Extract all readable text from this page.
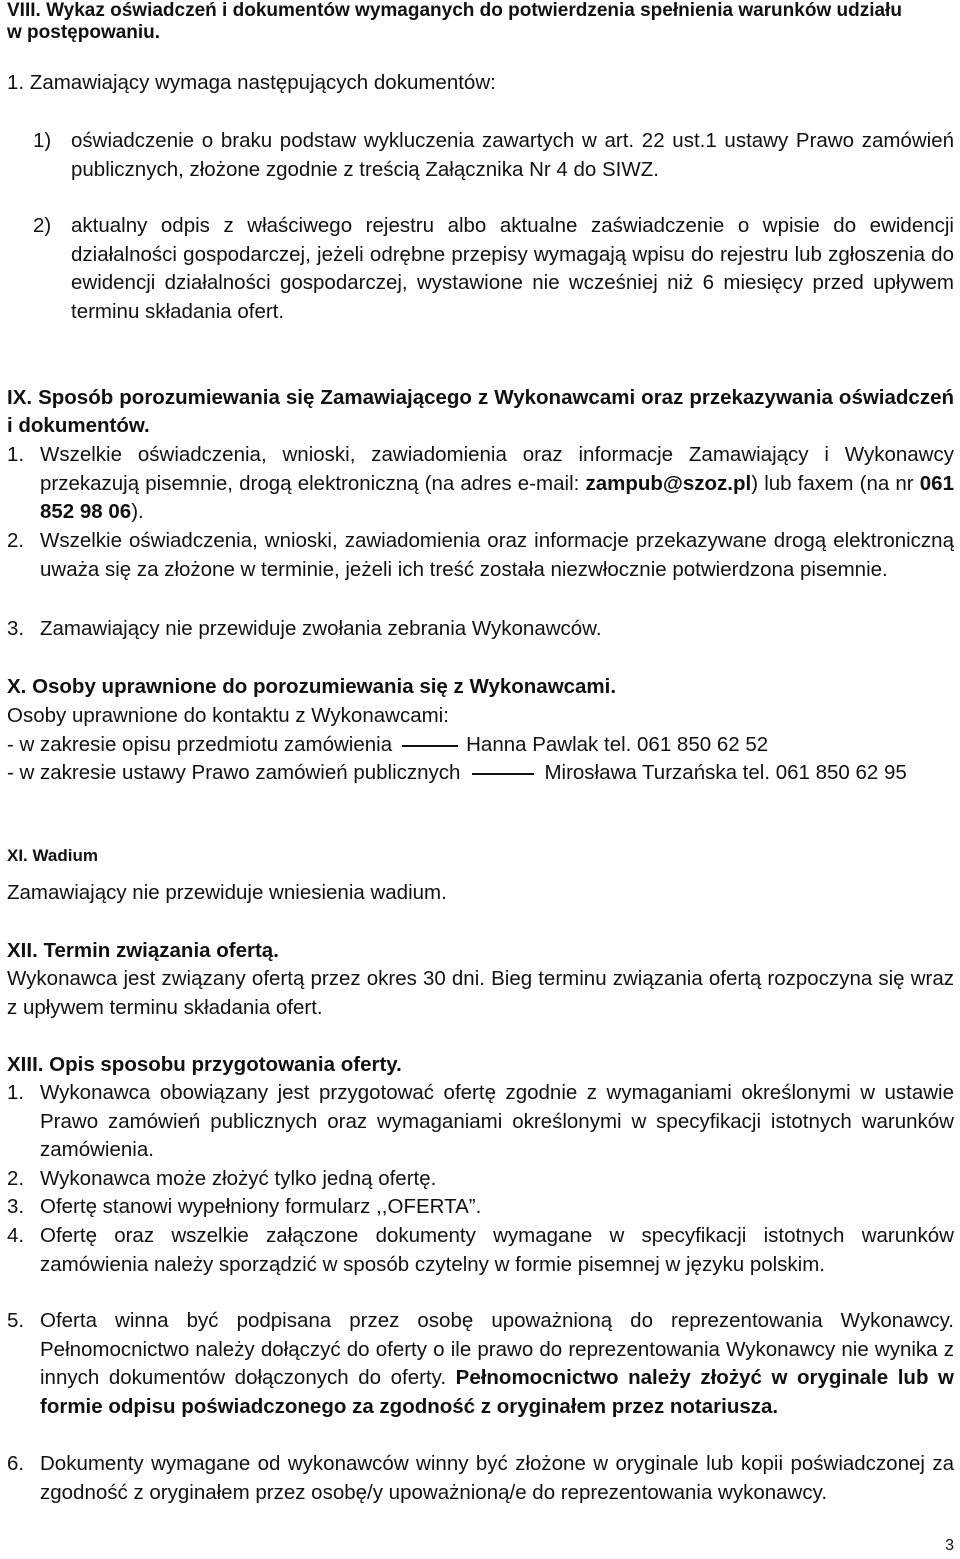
VIII. Wykaz oświadczeń i dokumentów wymaganych do potwierdzenia spełnienia warunków udziału
w postępowaniu.
1. Zamawiający wymaga następujących dokumentów:
1) oświadczenie o braku podstaw wykluczenia zawartych w art. 22 ust.1 ustawy Prawo zamówień publicznych, złożone zgodnie z treścią Załącznika Nr 4 do SIWZ.
2) aktualny odpis z właściwego rejestru albo aktualne zaświadczenie o wpisie do ewidencji działalności gospodarczej, jeżeli odrębne przepisy wymagają wpisu do rejestru lub zgłoszenia do ewidencji działalności gospodarczej, wystawione nie wcześniej niż 6 miesięcy przed upływem terminu składania ofert.
IX. Sposób porozumiewania się Zamawiającego z Wykonawcami oraz przekazywania oświadczeń i dokumentów.
1. Wszelkie oświadczenia, wnioski, zawiadomienia oraz informacje Zamawiający i Wykonawcy przekazują pisemnie, drogą elektroniczną (na adres e-mail: zampub@szoz.pl) lub faxem (na nr 061 852 98 06).
2. Wszelkie oświadczenia, wnioski, zawiadomienia oraz informacje przekazywane drogą elektroniczną uważa się za złożone w terminie, jeżeli ich treść została niezwłocznie potwierdzona pisemnie.
3. Zamawiający nie przewiduje zwołania zebrania Wykonawców.
X. Osoby uprawnione do porozumiewania się z Wykonawcami.
Osoby uprawnione do kontaktu z Wykonawcami:
- w zakresie opisu przedmiotu zamówienia	Hanna Pawlak tel. 061 850 62 52
- w zakresie ustawy Prawo zamówień publicznych	Mirosława Turzańska tel. 061 850 62 95
XI. Wadium
Zamawiający nie przewiduje wniesienia wadium.
XII. Termin związania ofertą.
Wykonawca jest związany ofertą przez okres 30 dni. Bieg terminu związania ofertą rozpoczyna się wraz z upływem terminu składania ofert.
XIII. Opis sposobu przygotowania oferty.
1. Wykonawca obowiązany jest przygotować ofertę zgodnie z wymaganiami określonymi w ustawie Prawo zamówień publicznych oraz wymaganiami określonymi w specyfikacji istotnych warunków zamówienia.
2. Wykonawca może złożyć tylko jedną ofertę.
3. Ofertę stanowi wypełniony formularz ,,OFERTA”.
4. Ofertę oraz wszelkie załączone dokumenty wymagane w specyfikacji istotnych warunków zamówienia należy sporządzić w sposób czytelny w formie pisemnej w języku polskim.
5. Oferta winna być podpisana przez osobę upoważnioną do reprezentowania Wykonawcy. Pełnomocnictwo należy dołączyć do oferty o ile prawo do reprezentowania Wykonawcy nie wynika z innych dokumentów dołączonych do oferty. Pełnomocnictwo należy złożyć w oryginale lub w formie odpisu poświadczonego za zgodność z oryginałem przez notariusza.
6. Dokumenty wymagane od wykonawców winny być złożone w oryginale lub kopii poświadczonej za zgodność z oryginałem przez osobę/y upoważnioną/e do reprezentowania wykonawcy.
3
